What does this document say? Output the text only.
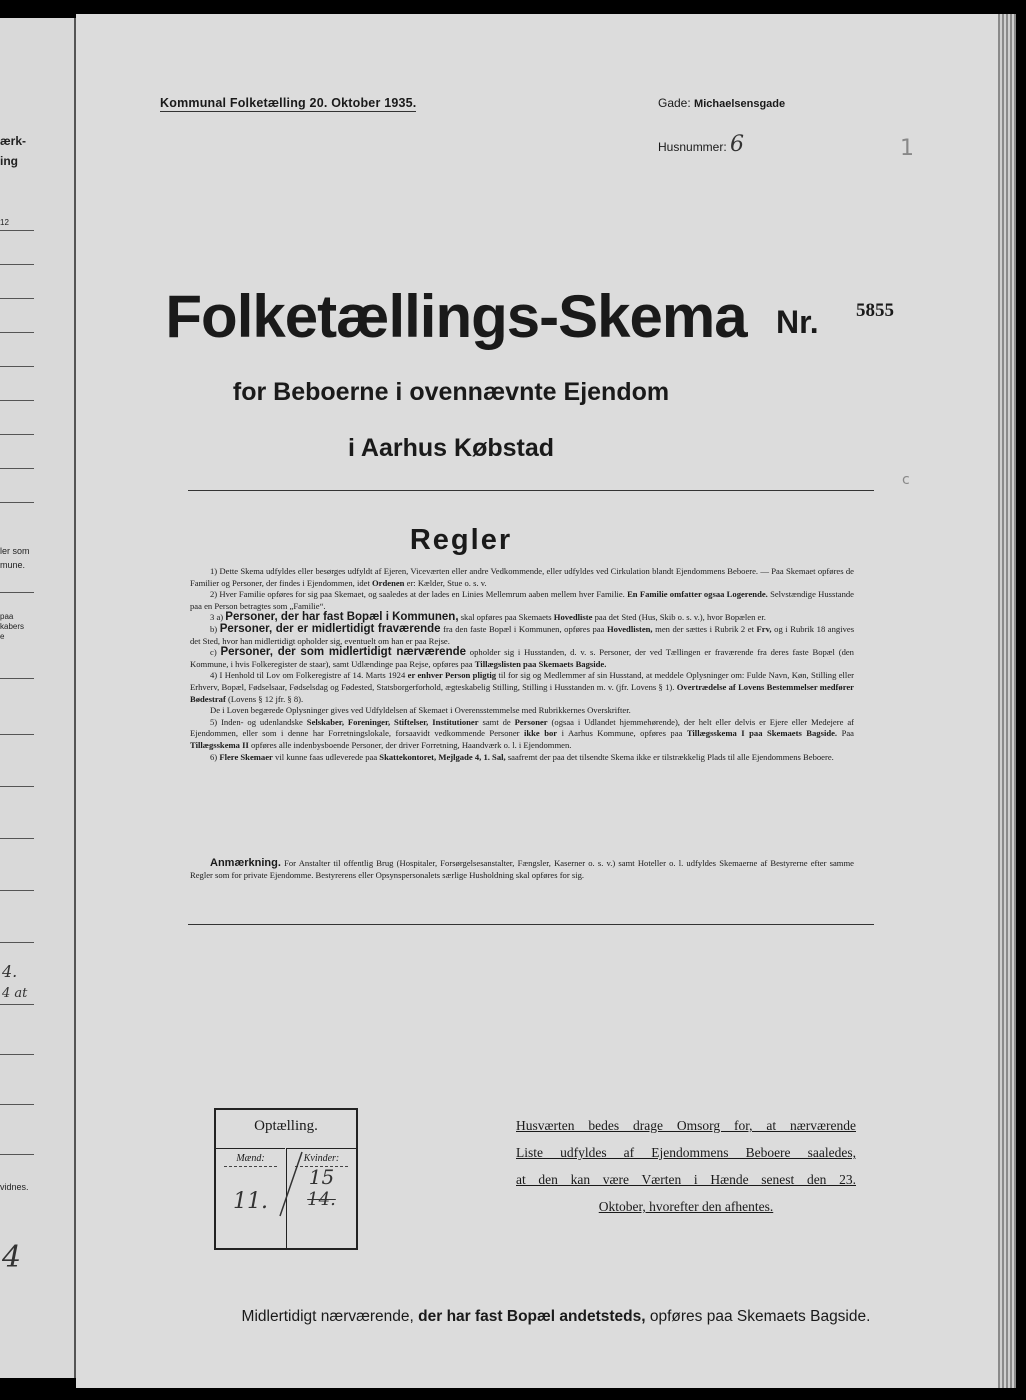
ærk-
ing
12
ler som
mune.
paa
kabers
e
4.
4 at
vidnes.
4
Kommunal Folketælling 20. Oktober 1935.	Gade: Michaelsensgade
Husnummer: 6	1
Folketællings-Skema Nr. 5855
for Beboerne i ovennævnte Ejendom
i Aarhus Købstad
c
Regler

1) Dette Skema udfyldes eller besørges udfyldt af Ejeren, Viceværten eller andre Vedkommende, eller udfyldes ved Cirkulation blandt Ejendommens Beboere. — Paa Skemaet opføres de Familier og Personer, der findes i Ejendommen, idet Ordenen er: Kælder, Stue o. s. v.

2) Hver Familie opføres for sig paa Skemaet, og saaledes at der lades en Linies Mellemrum aaben mellem hver Familie. En Familie omfatter ogsaa Logerende. Selvstændige Husstande paa en Person betragtes som „Familie“.

3 a) Personer, der har fast Bopæl i Kommunen, skal opføres paa Skemaets Hovedliste paa det Sted (Hus, Skib o. s. v.), hvor Bopælen er.

b) Personer, der er midlertidigt fraværende fra den faste Bopæl i Kommunen, opføres paa Hovedlisten, men der sættes i Rubrik 2 et Frv, og i Rubrik 18 angives det Sted, hvor han midlertidigt opholder sig, eventuelt om han er paa Rejse.

c) Personer, der som midlertidigt nærværende opholder sig i Husstanden, d. v. s. Personer, der ved Tællingen er fraværende fra deres faste Bopæl (den Kommune, i hvis Folkeregister de staar), samt Udlændinge paa Rejse, opføres paa Tillægslisten paa Skemaets Bagside.

4) I Henhold til Lov om Folkeregistre af 14. Marts 1924 er enhver Person pligtig til for sig og Medlemmer af sin Husstand, at meddele Oplysninger om: Fulde Navn, Køn, Stilling eller Erhverv, Bopæl, Fødselsaar, Fødselsdag og Fødested, Statsborgerforhold, ægteskabelig Stilling, Stilling i Husstanden m. v. (jfr. Lovens § 1). Overtrædelse af Lovens Bestemmelser medfører Bødestraf (Lovens § 12 jfr. § 8).

De i Loven begærede Oplysninger gives ved Udfyldelsen af Skemaet i Overensstemmelse med Rubrikkernes Overskrifter.

5) Inden- og udenlandske Selskaber, Foreninger, Stiftelser, Institutioner samt de Personer (ogsaa i Udlandet hjemmehørende), der helt eller delvis er Ejere eller Medejere af Ejendommen, eller som i denne har Forretningslokale, forsaavidt vedkommende Personer ikke bor i Aarhus Kommune, opføres paa Tillægsskema I paa Skemaets Bagside. Paa Tillægsskema II opføres alle indenbysboende Personer, der driver Forretning, Haandværk o. l. i Ejendommen.

6) Flere Skemaer vil kunne faas udleverede paa Skattekontoret, Mejlgade 4, 1. Sal, saafremt der paa det tilsendte Skema ikke er tilstrækkelig Plads til alle Ejendommens Beboere.

Anmærkning. For Anstalter til offentlig Brug (Hospitaler, Forsørgelsesanstalter, Fængsler, Kaserner o. s. v.) samt Hoteller o. l. udfyldes Skemaerne af Bestyrerne efter samme Regler som for private Ejendomme. Bestyrerens eller Opsynspersonalets særlige Husholdning skal opføres for sig.

Optælling.
Mænd:
11.
Kvinder:
15
14.
Husværten bedes drage Omsorg for, at nærværende
Liste udfyldes af Ejendommens Beboere saaledes,
at den kan være Værten i Hænde senest den 23.
Oktober, hvorefter den afhentes.
Midlertidigt nærværende, der har fast Bopæl andetsteds, opføres paa Skemaets Bagside.
